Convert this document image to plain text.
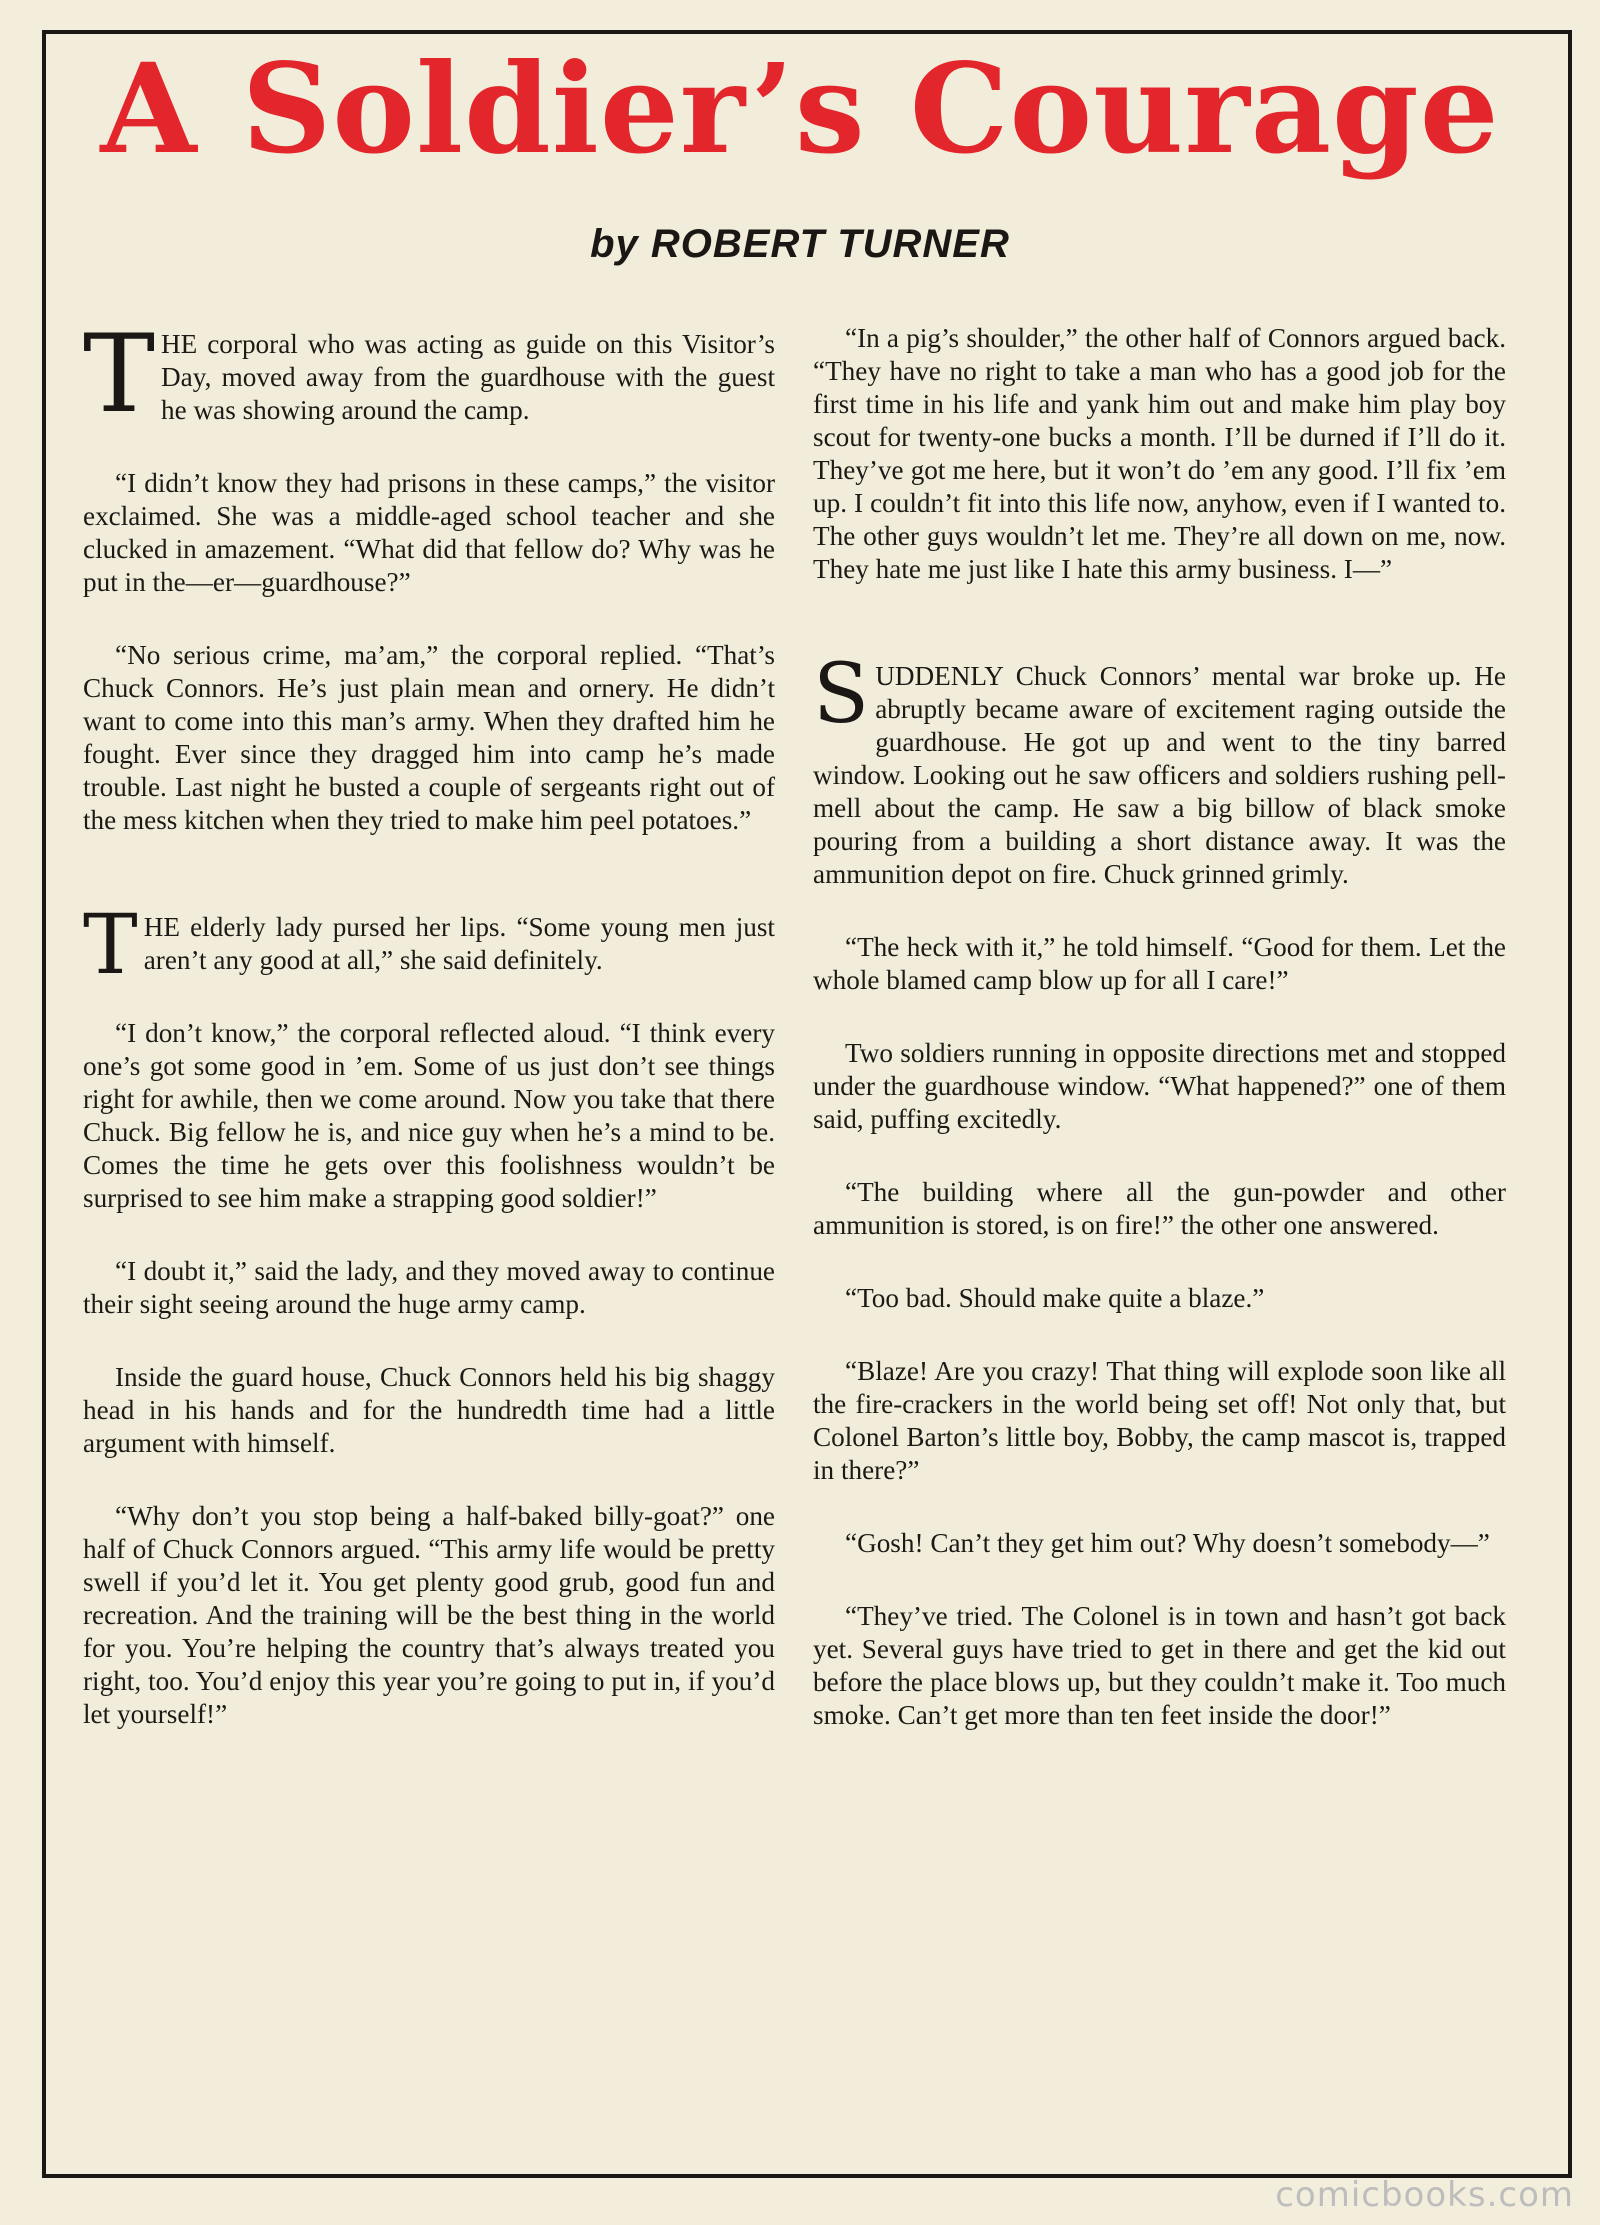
A Soldier’s Courage
by ROBERT TURNER

THE corporal who was acting as guide on this Visitor’s Day, moved away from the guardhouse with the guest he was showing around the camp.

“I didn’t know they had prisons in these camps,” the visitor exclaimed. She was a middle-aged school teacher and she clucked in amazement. “What did that fellow do? Why was he put in the—er—guardhouse?”

“No serious crime, ma’am,” the corporal replied. “That’s Chuck Connors. He’s just plain mean and ornery. He didn’t want to come into this man’s army. When they drafted him he fought. Ever since they dragged him into camp he’s made trouble. Last night he busted a couple of sergeants right out of the mess kitchen when they tried to make him peel potatoes.”

THE elderly lady pursed her lips. “Some young men just aren’t any good at all,” she said definitely.

“I don’t know,” the corporal reflected aloud. “I think every one’s got some good in ’em. Some of us just don’t see things right for awhile, then we come around. Now you take that there Chuck. Big fellow he is, and nice guy when he’s a mind to be. Comes the time he gets over this foolishness wouldn’t be surprised to see him make a strapping good soldier!”

“I doubt it,” said the lady, and they moved away to continue their sight seeing around the huge army camp.

Inside the guard house, Chuck Connors held his big shaggy head in his hands and for the hundredth time had a little argument with himself.

“Why don’t you stop being a half-baked billy-goat?” one half of Chuck Connors argued. “This army life would be pretty swell if you’d let it. You get plenty good grub, good fun and recreation. And the training will be the best thing in the world for you. You’re helping the country that’s always treated you right, too. You’d enjoy this year you’re going to put in, if you’d let yourself!”

“In a pig’s shoulder,” the other half of Connors argued back. “They have no right to take a man who has a good job for the first time in his life and yank him out and make him play boy scout for twenty-one bucks a month. I’ll be durned if I’ll do it. They’ve got me here, but it won’t do ’em any good. I’ll fix ’em up. I couldn’t fit into this life now, anyhow, even if I wanted to. The other guys wouldn’t let me. They’re all down on me, now. They hate me just like I hate this army business. I—”

SUDDENLY Chuck Connors’ mental war broke up. He abruptly became aware of excitement raging outside the guardhouse. He got up and went to the tiny barred window. Looking out he saw officers and soldiers rushing pell-mell about the camp. He saw a big billow of black smoke pouring from a building a short distance away. It was the ammunition depot on fire. Chuck grinned grimly.

“The heck with it,” he told himself. “Good for them. Let the whole blamed camp blow up for all I care!”

Two soldiers running in opposite directions met and stopped under the guardhouse window. “What happened?” one of them said, puffing excitedly.

“The building where all the gun-powder and other ammunition is stored, is on fire!” the other one answered.

“Too bad. Should make quite a blaze.”

“Blaze! Are you crazy! That thing will explode soon like all the fire-crackers in the world being set off! Not only that, but Colonel Barton’s little boy, Bobby, the camp mascot is, trapped in there?”

“Gosh! Can’t they get him out? Why doesn’t somebody—”

“They’ve tried. The Colonel is in town and hasn’t got back yet. Several guys have tried to get in there and get the kid out before the place blows up, but they couldn’t make it. Too much smoke. Can’t get more than ten feet inside the door!”

comicbooks.com
